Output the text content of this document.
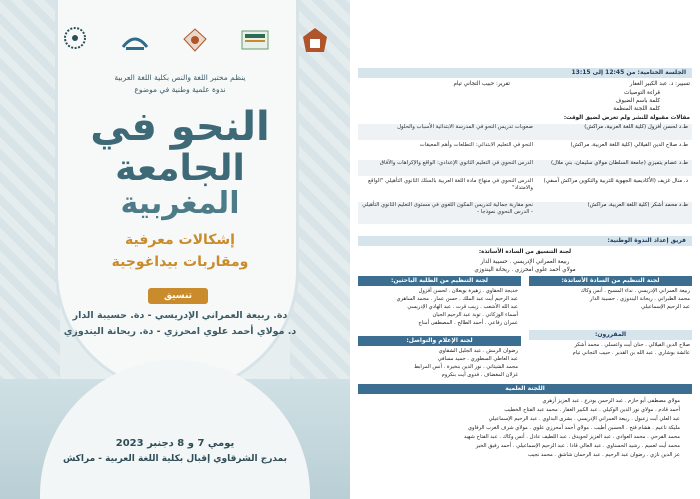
ينظم مختبر اللغة والنص بكلية اللغة العربية
ندوة علمية وطنية في موضوع
النحو في
الجامعة
المغربية
إشكالات معرفية
ومقاربات بيداغوجية
تنسيق
دة. ربيعة العمراني الإدريسي - دة. حسيبة الدار
د. مولاي أحمد علوي امحرزي - دة. ريحانة اليندوزي
يومي 7 و 8 دجنبر 2023
بمدرج الشرقاوي إقبال بكلية اللغة العربية - مراكش
الجلسة الختامية: من 12:45 إلى 13:15
تسيير: د. عبد الكبير الغفار
تقرير: حبيب التجاني تيام
قراءة التوصيات
كلمة باسم الضيوف
كلمة اللجنة المنظمة
مقالات مقبولة للنشر ولم تعرض لضيق الوقت:
ط.د لحسن أفزول (كلية اللغة العربية، مراكش)
صعوبات تدريس النحو في المدرسة الابتدائية الأسباب والحلول
ط.د صلاح الدين الفيلالي (كلية اللغة العربية، مراكش)
النحو في التعليم الابتدائي: التطلعات وأهم المعيقات
ط.د عصام يتميزي (جامعة السلطان مولاي سليمان، بني ملال)
الدرس النحوي في التعليم الثانوي الإعدادي: الواقع والإكراهات والآفاق
د. منال غزيف (الأكاديمية الجهوية للتربية والتكوين مراكش آسفي)
الدرس النحوي في منهاج مادة اللغة العربية بالسلك الثانوي التأهيلي "الواقع والامتداد"
ط.د محمد أشكر (كلية اللغة العربية، مراكش)
نحو مقاربة جمالية لتدريس المكون اللغوي في مستوى التعليم الثانوي التأهيلي - الدرس النحوي نموذجا -
فريق إعداد الندوة الوطنية:
لجنة التنسيق من السادة الأساتذة:
ربيعة العمراني الإدريسي . حسيبة الدار
مولاي أحمد علوي امحرزي . ريحانة اليندوزي
لجنة التنظيم من السادة الأساتذة:
لجنة التنظيم من الطلبة الباحثين:
ربيعة العمراني الإدريسي . نداء المسيح . أنس وكاك
محمد الطبراني . ريحانة اليندوزي . حسيبة الدار
عبد الرحيم الإسماعيلي
خديجة الحقاوي . زهيرة بويعلان . لحسن أفزول
عبد الرحيم أيت عبد الملك . حسن عمار . محمد الساهري
عبد الله الأشعب . زينب قرت . عبد الهادي الإدريسي
أسماء الوزكاني . توبة عبد الرحيم الحيان
عمران رفاعي . أحمد الطالح . المصطفى أمناج
المقررون:
صلاح الدين الفيلالي . حنان أيت واعسلي . محمد أشكر
عائشة بوشاري . عبد الله بن القدير . حبيب التجاني تيام
لجنة الإعلام والتواصل:
رضوان الرمش . عبد الجليل الشقاوي
عبد العاطي السطوري . حميد مسافي
محمد الشيتاني . نور الدين بنخيرة . أنس المرابط
غزلان المغضاف . فدوى أيت بنكروم
اللجنة العلمية
مولاي مصطفى أبو حازم . عبد الرحمن بودرع . عبد العزيز أزهري
أحمد قادم . مولاي نور الدين الوكيلي . عبد الكبير الغفار . محمد عبد الفتاح الخطيب
عبد العلي آيت زعبول . ربيعة العمراني الإدريسي . بشرى البداوي . عبد الرحيم الإسماعيلي
مليكة ناعيم . هشام فتح . الحسين أطيب . مولاي أحمد أمحرزي علوي . مولاي شرف الغرب الرفاوي
محمد الفرحي . محمد العوادي . عبد العزيز لحويدق . عبد اللطيف عادل . أنس وكاك . عبد الفتاح شهيد
محمد أيت لعميم . رشيد الحسناوي . عبد العالي قادا . عبد الرحيم الإسماعيلي . أحمد رفيق الخير
عز الدين نازي . رضوان عبد الرحيم . عبد الرحمان شاشق . محمد نجيب
